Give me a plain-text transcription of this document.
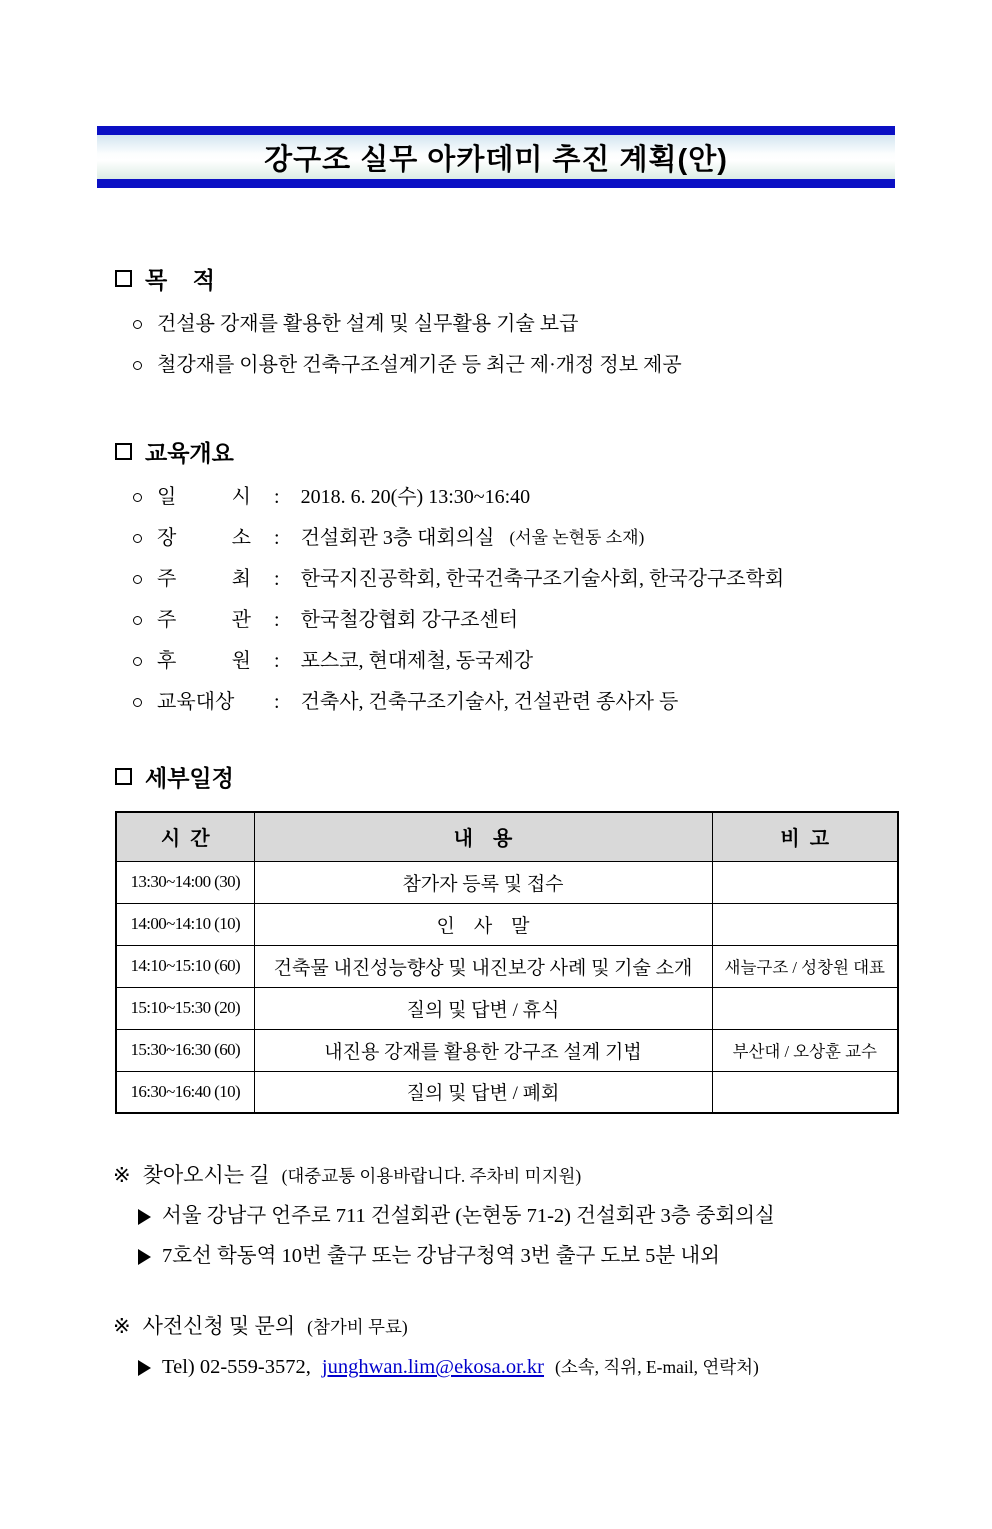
강구조 실무 아카데미 추진 계획(안)
목    적
건설용 강재를 활용한 설계 및 실무활용 기술 보급
철강재를 이용한 건축구조설계기준 등 최근 제·개정 정보 제공
교육개요
일 시 : 2018. 6. 20(수) 13:30~16:40
장 소 : 건설회관 3층 대회의실 (서울 논현동 소재)
주 최 : 한국지진공학회, 한국건축구조기술사회, 한국강구조학회
주 관 : 한국철강협회 강구조센터
후 원 : 포스코, 현대제철, 동국제강
교육대상	: 건축사, 건축구조기술사, 건설관련 종사자 등
세부일정
시  간	내    용	비  고
13:30~14:00 (30)	참가자 등록 및 접수	
14:00~14:10 (10)	인    사    말	
14:10~15:10 (60)	건축물 내진성능향상 및 내진보강 사례 및 기술 소개	새늘구조 / 성창원 대표
15:10~15:30 (20)	질의 및 답변 / 휴식	
15:30~16:30 (60)	내진용 강재를 활용한 강구조 설계 기법	부산대 / 오상훈 교수
16:30~16:40 (10)	질의 및 답변 / 폐회	
※ 찾아오시는 길 (대중교통 이용바랍니다. 주차비 미지원)
서울 강남구 언주로 711 건설회관 (논현동 71-2) 건설회관 3층 중회의실
7호선 학동역 10번 출구 또는 강남구청역 3번 출구 도보 5분 내외
※ 사전신청 및 문의 (참가비 무료)
Tel) 02-559-3572, junghwan.lim@ekosa.or.kr (소속, 직위, E-mail, 연락처)
